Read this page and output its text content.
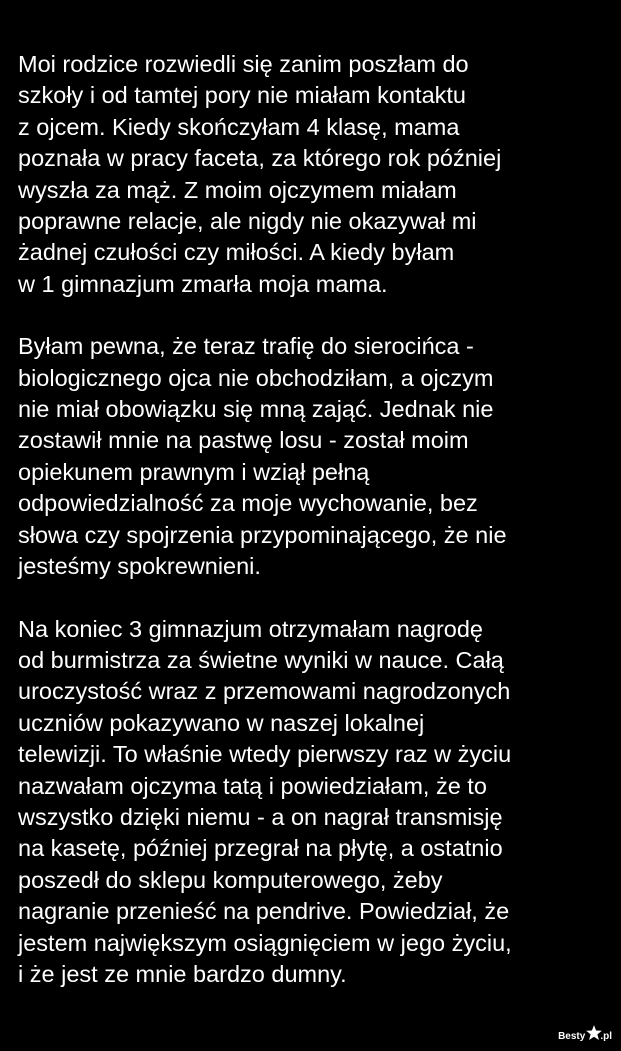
Moi rodzice rozwiedli się zanim poszłam do
szkoły i od tamtej pory nie miałam kontaktu
z ojcem. Kiedy skończyłam 4 klasę, mama
poznała w pracy faceta, za którego rok później
wyszła za mąż. Z moim ojczymem miałam
poprawne relacje, ale nigdy nie okazywał mi
żadnej czułości czy miłości. A kiedy byłam
w 1 gimnazjum zmarła moja mama.

Byłam pewna, że teraz trafię do sierocińca -
biologicznego ojca nie obchodziłam, a ojczym
nie miał obowiązku się mną zająć. Jednak nie
zostawił mnie na pastwę losu - został moim
opiekunem prawnym i wziął pełną
odpowiedzialność za moje wychowanie, bez
słowa czy spojrzenia przypominającego, że nie
jesteśmy spokrewnieni.

Na koniec 3 gimnazjum otrzymałam nagrodę
od burmistrza za świetne wyniki w nauce. Całą
uroczystość wraz z przemowami nagrodzonych
uczniów pokazywano w naszej lokalnej
telewizji. To właśnie wtedy pierwszy raz w życiu
nazwałam ojczyma tatą i powiedziałam, że to
wszystko dzięki niemu - a on nagrał transmisję
na kasetę, później przegrał na płytę, a ostatnio
poszedł do sklepu komputerowego, żeby
nagranie przenieść na pendrive. Powiedział, że
jestem największym osiągnięciem w jego życiu,
i że jest ze mnie bardzo dumny.

Besty .pl
